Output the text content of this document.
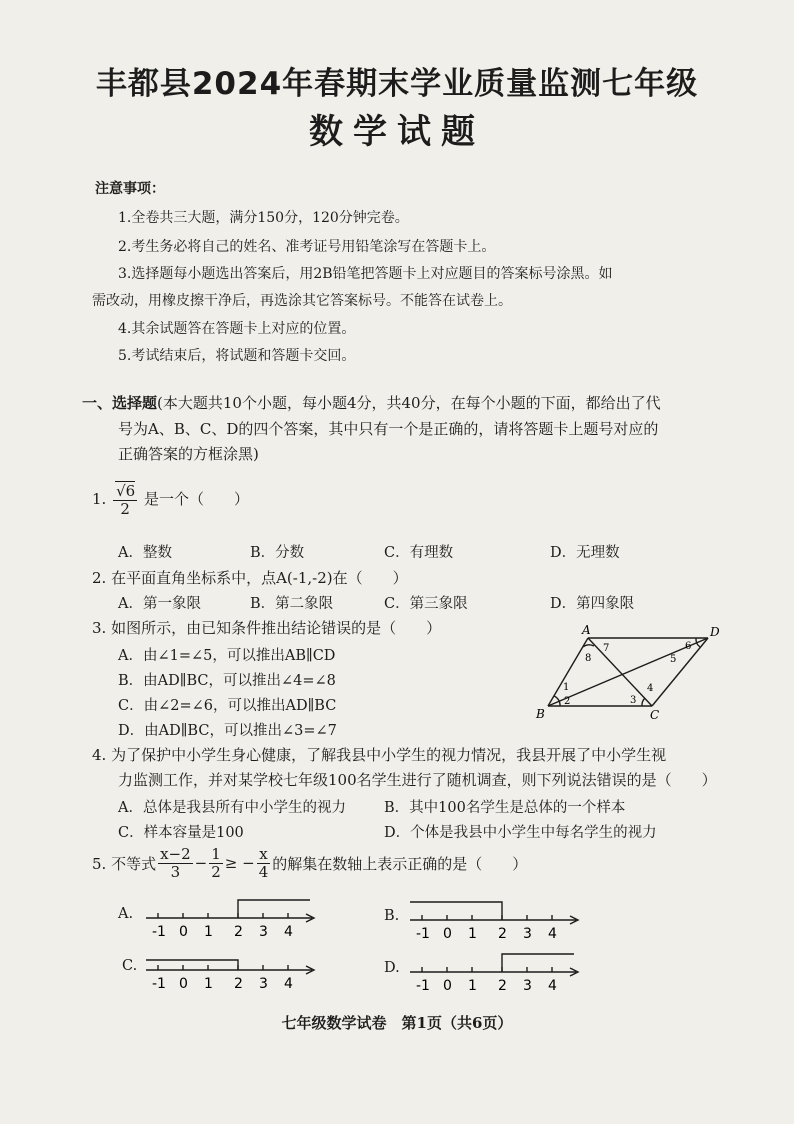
丰都县2024年春期末学业质量监测七年级
数学试题
注意事项：
1.全卷共三大题，满分150分，120分钟完卷。
2.考生务必将自己的姓名、准考证号用铅笔涂写在答题卡上。
3.选择题每小题选出答案后，用2B铅笔把答题卡上对应题目的答案标号涂黑。如
需改动，用橡皮擦干净后，再选涂其它答案标号。不能答在试卷上。
4.其余试题答在答题卡上对应的位置。
5.考试结束后，将试题和答题卡交回。
一、选择题(本大题共10个小题，每小题4分，共40分，在每个小题的下面，都给出了代
号为A、B、C、D的四个答案，其中只有一个是正确的，请将答题卡上题号对应的
正确答案的方框涂黑)
1. $\frac{√6}{2}$ 是一个（　　）
A．整数	B．分数	C．有理数	D．无理数
2. 在平面直角坐标系中，点A(-1,-2)在（　　）
A．第一象限	B．第二象限	C．第三象限	D．第四象限
3. 如图所示，由已知条件推出结论错误的是（　　）
A．由∠1=∠5，可以推出AB∥CD
B．由AD∥BC，可以推出∠4=∠8
C．由∠2=∠6，可以推出AD∥BC
D．由AD∥BC，可以推出∠3=∠7
A	D
B	C
1
2	3
4
5
6
7
8
4. 为了保护中小学生身心健康，了解我县中小学生的视力情况，我县开展了中小学生视
力监测工作，并对某学校七年级100名学生进行了随机调查，则下列说法错误的是（　　）
A．总体是我县所有中小学生的视力	B．其中100名学生是总体的一个样本
C．样本容量是100	D．个体是我县中小学生中每名学生的视力
5. 不等式 $\frac{x-2}{3} - \frac{1}{2}$ ≥ − $\frac{x}{4}$ 的解集在数轴上表示正确的是（　　）
A.
-1 0 1 2 3 4
B.
-1 0 1 2 3 4
C.
-1 0 1 2 3 4
D.
-1 0 1 2 3 4
七年级数学试卷　第1页（共6页）
